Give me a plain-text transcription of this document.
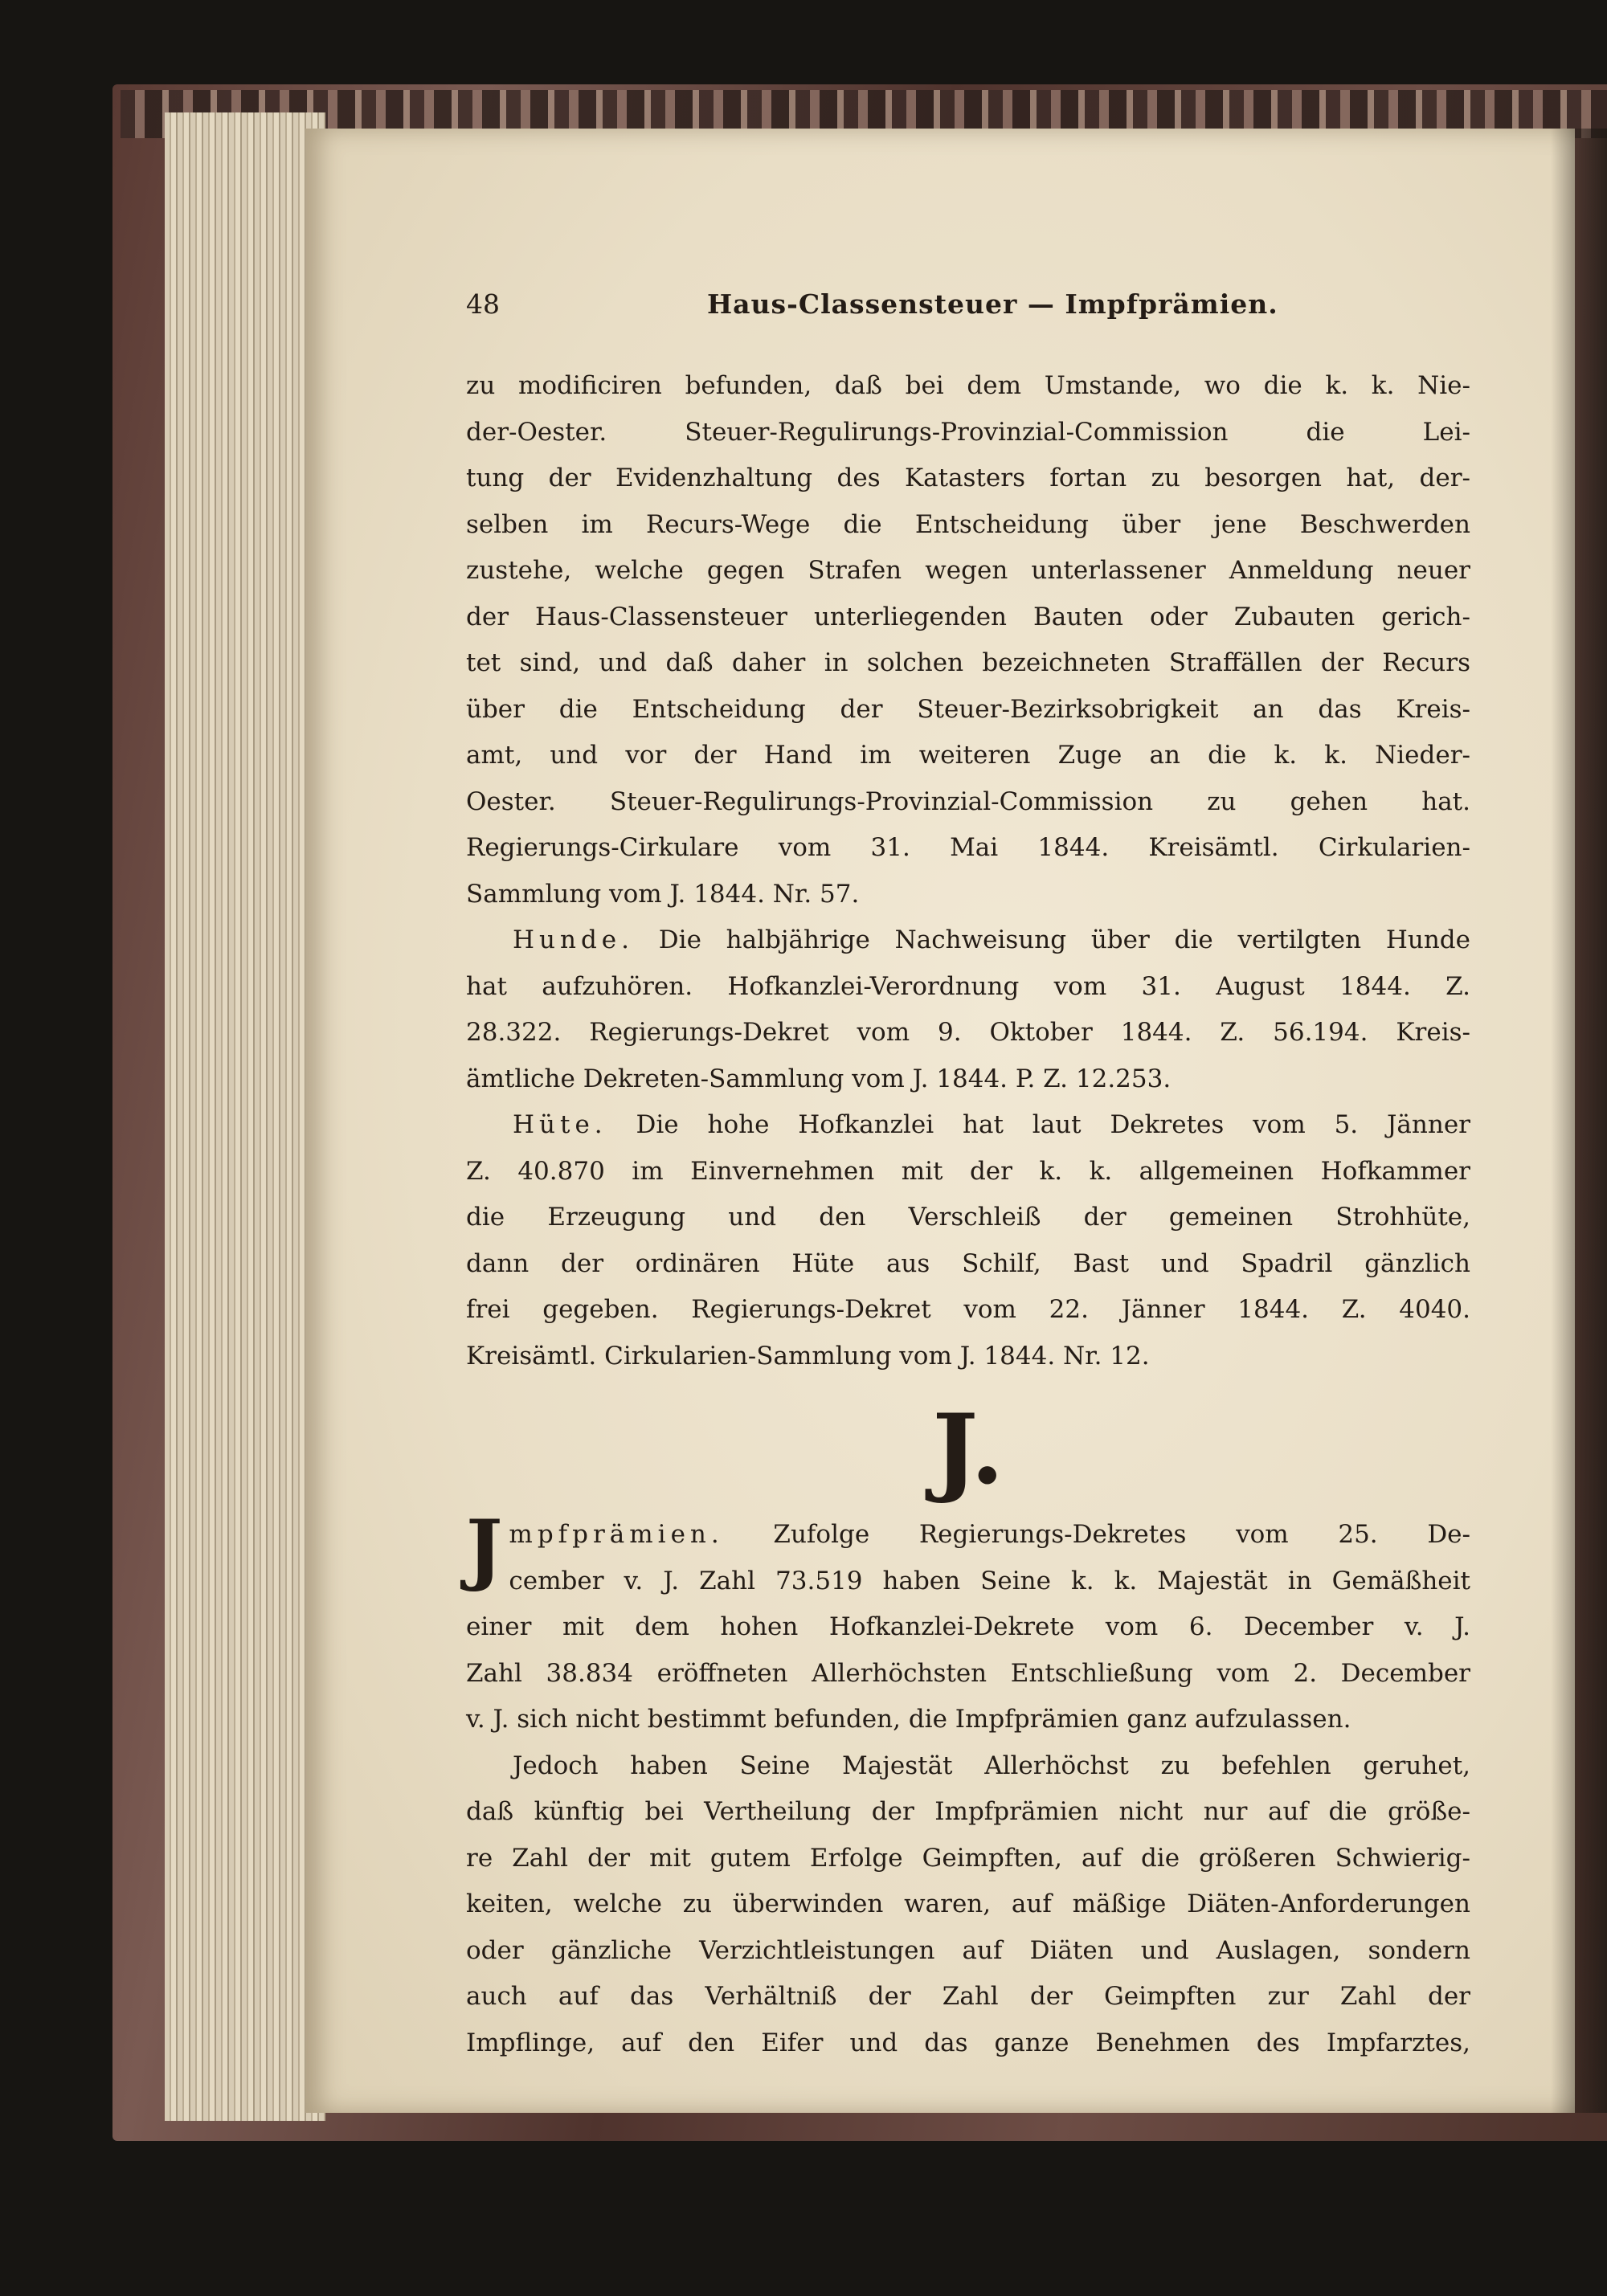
48	Haus-Classensteuer — Impfprämien.
zu modificiren befunden, daß bei dem Umstande, wo die k. k. Nie-
der-Oester. Steuer-Regulirungs-Provinzial-Commission die Lei-
tung der Evidenzhaltung des Katasters fortan zu besorgen hat, der-
selben im Recurs-Wege die Entscheidung über jene Beschwerden
zustehe, welche gegen Strafen wegen unterlassener Anmeldung neuer
der Haus-Classensteuer unterliegenden Bauten oder Zubauten gerich-
tet sind, und daß daher in solchen bezeichneten Straffällen der Recurs
über die Entscheidung der Steuer-Bezirksobrigkeit an das Kreis-
amt, und vor der Hand im weiteren Zuge an die k. k. Nieder-
Oester. Steuer-Regulirungs-Provinzial-Commission zu gehen hat.
Regierungs-Cirkulare vom 31. Mai 1844. Kreisämtl. Cirkularien-
Sammlung vom J. 1844. Nr. 57.
Hunde. Die halbjährige Nachweisung über die vertilgten Hunde
hat aufzuhören. Hofkanzlei-Verordnung vom 31. August 1844. Z.
28.322. Regierungs-Dekret vom 9. Oktober 1844. Z. 56.194. Kreis-
ämtliche Dekreten-Sammlung vom J. 1844. P. Z. 12.253.
Hüte. Die hohe Hofkanzlei hat laut Dekretes vom 5. Jänner
Z. 40.870 im Einvernehmen mit der k. k. allgemeinen Hofkammer
die Erzeugung und den Verschleiß der gemeinen Strohhüte,
dann der ordinären Hüte aus Schilf, Bast und Spadril gänzlich
frei gegeben. Regierungs-Dekret vom 22. Jänner 1844. Z. 4040.
Kreisämtl. Cirkularien-Sammlung vom J. 1844. Nr. 12.
J.
J mpfprämien. Zufolge Regierungs-Dekretes vom 25. De-
cember v. J. Zahl 73.519 haben Seine k. k. Majestät in Gemäßheit
einer mit dem hohen Hofkanzlei-Dekrete vom 6. December v. J.
Zahl 38.834 eröffneten Allerhöchsten Entschließung vom 2. December
v. J. sich nicht bestimmt befunden, die Impfprämien ganz aufzulassen.
Jedoch haben Seine Majestät Allerhöchst zu befehlen geruhet,
daß künftig bei Vertheilung der Impfprämien nicht nur auf die größe-
re Zahl der mit gutem Erfolge Geimpften, auf die größeren Schwierig-
keiten, welche zu überwinden waren, auf mäßige Diäten-Anforderungen
oder gänzliche Verzichtleistungen auf Diäten und Auslagen, sondern
auch auf das Verhältniß der Zahl der Geimpften zur Zahl der
Impflinge, auf den Eifer und das ganze Benehmen des Impfarztes,
